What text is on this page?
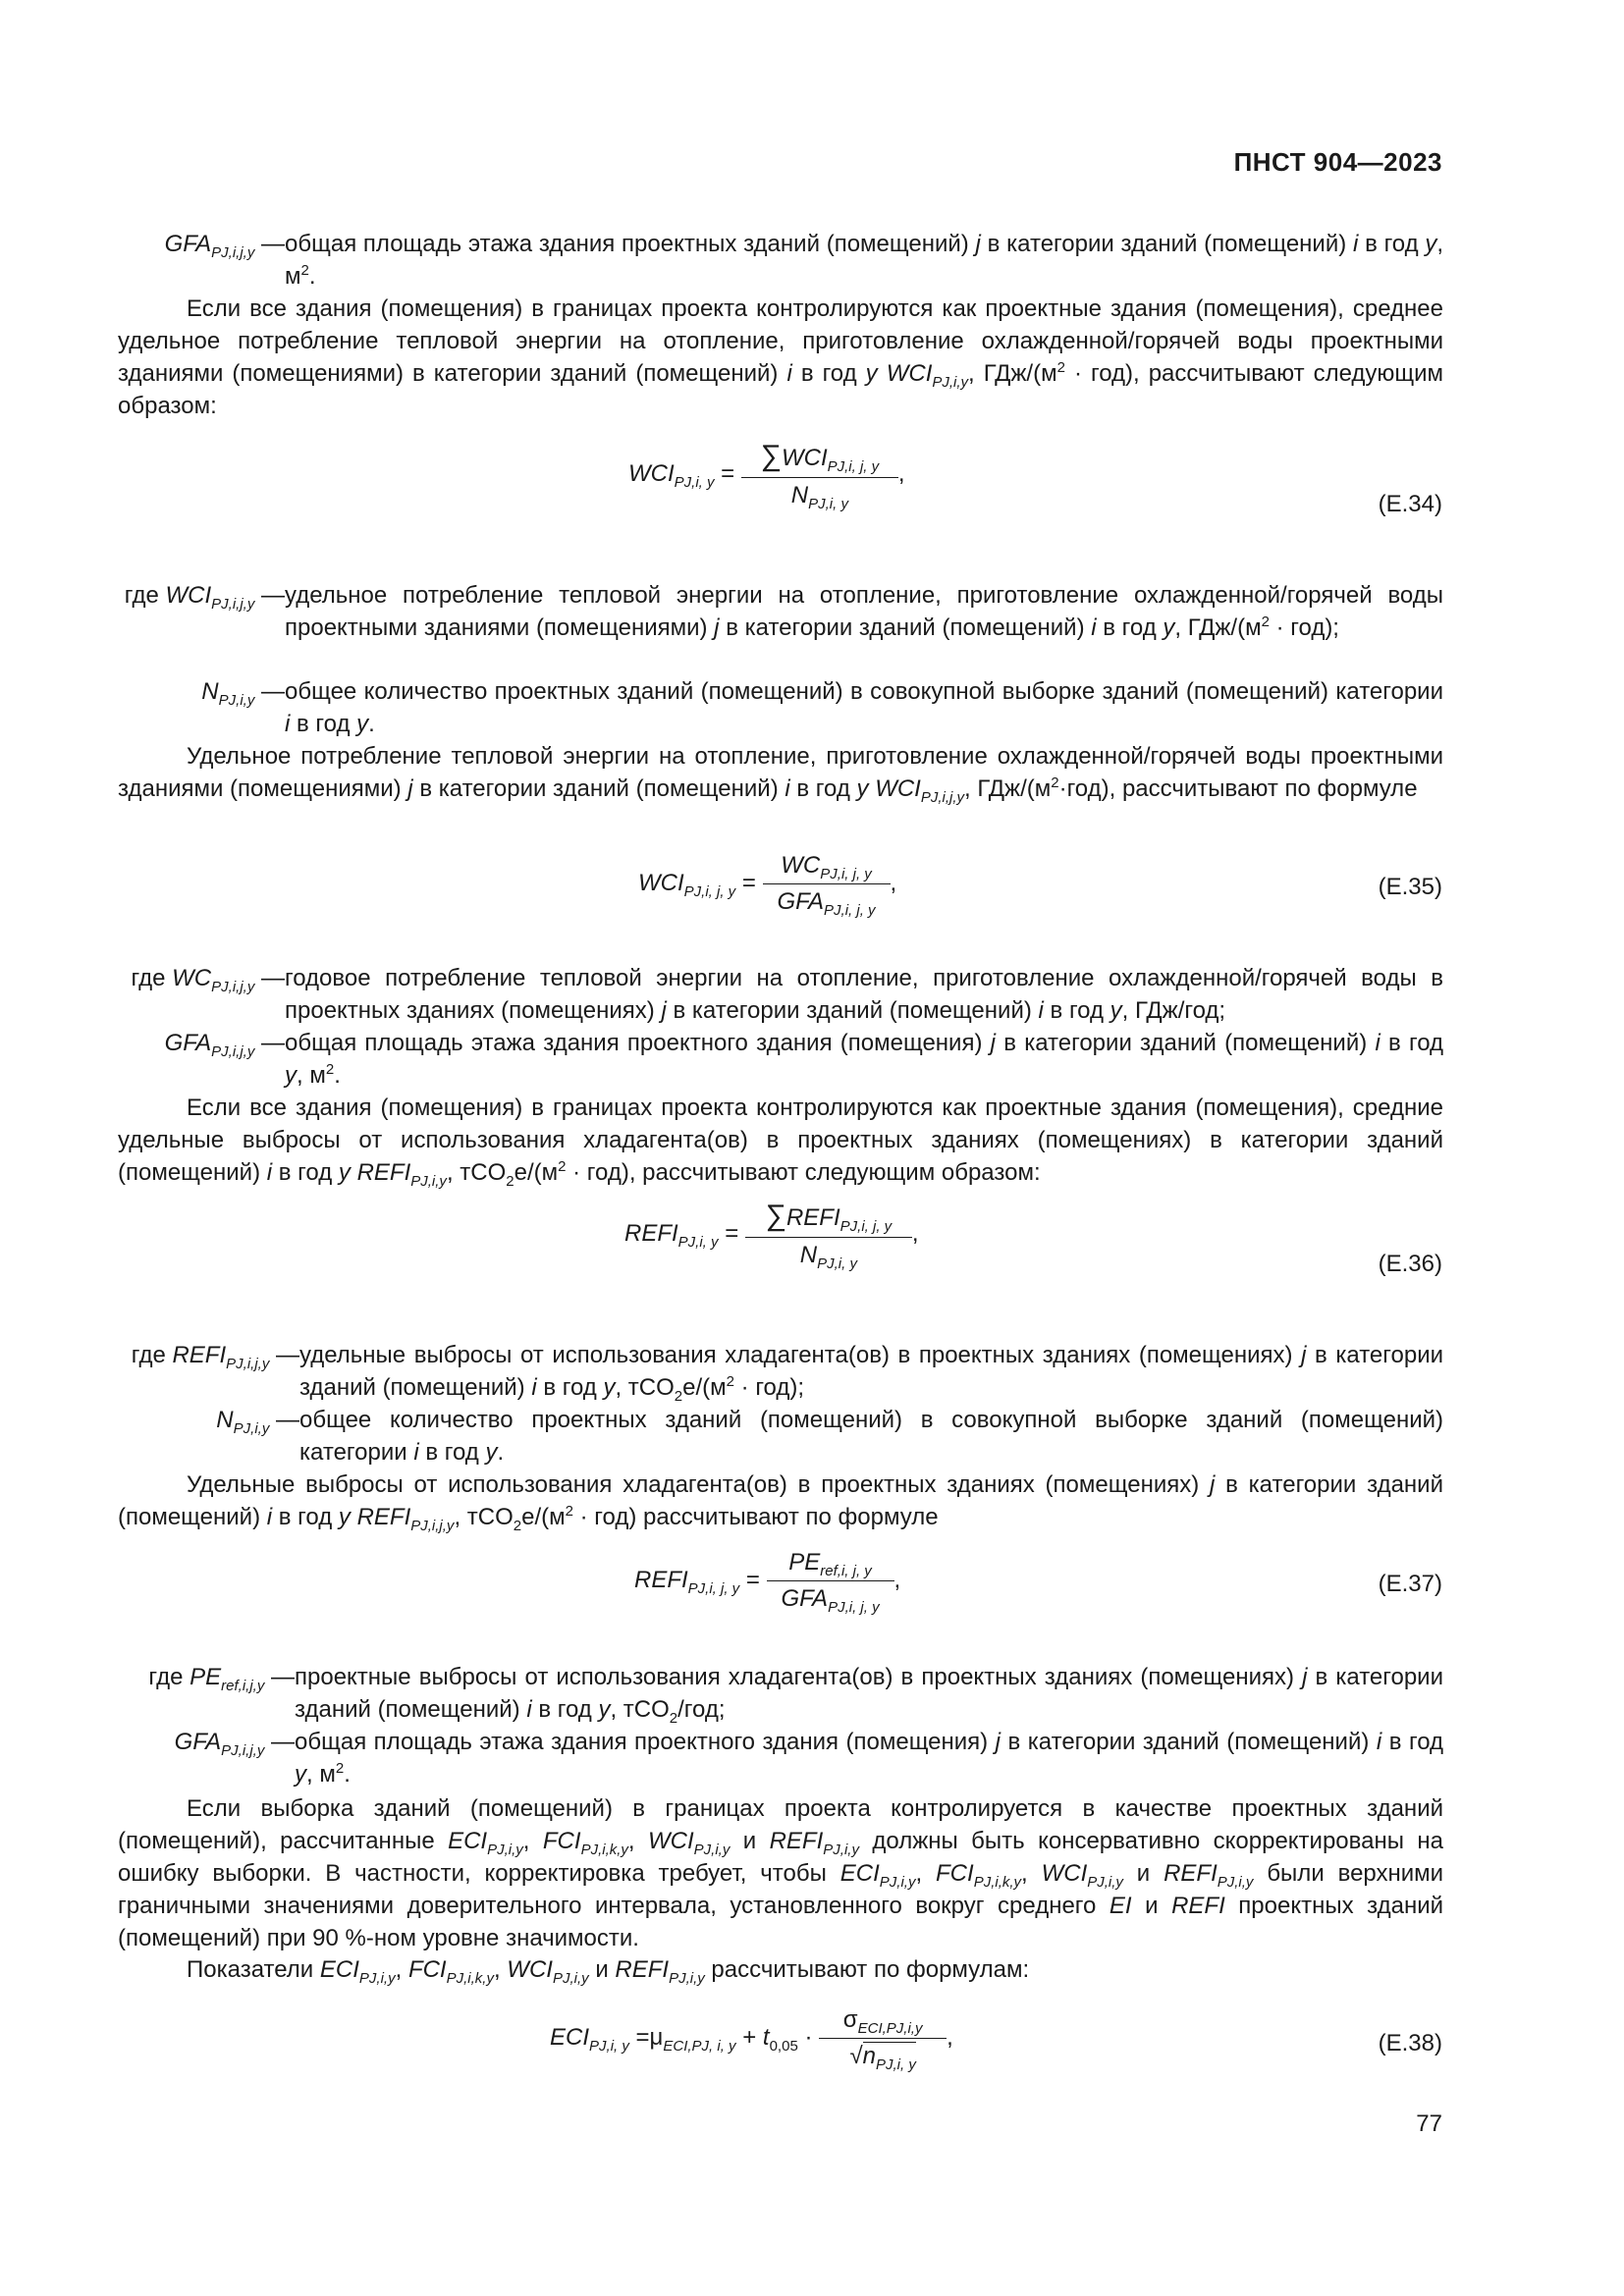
ПНСТ 904—2023
$GFA_{PJ,i,j,y}$ — общая площадь этажа здания проектных зданий (помещений) j в категории зданий (помещений) i в год y, $м^2$.
Если все здания (помещения) в границах проекта контролируются как проектные здания (помещения), среднее удельное потребление тепловой энергии на отопление, приготовление охлажденной/горячей воды проектными зданиями (помещениями) в категории зданий (помещений) i в год y $WCI_{PJ,i,y}$, ГДж/$(м^2 \cdot год)$, рассчитывают следующим образом:
$WCI_{PJ,i, y} = \frac{\sum WCI_{PJ,i, j, y}}{N_{PJ,i, y}}$ ,
(Е.34)
где $WCI_{PJ,i,j,y}$ — удельное потребление тепловой энергии на отопление, приготовление охлажденной/горячей воды проектными зданиями (помещениями) j в категории зданий (помещений) i в год y, ГДж/$(м^2 \cdot год)$;
$N_{PJ,i,y}$ — общее количество проектных зданий (помещений) в совокупной выборке зданий (помещений) категории i в год y.
Удельное потребление тепловой энергии на отопление, приготовление охлажденной/горячей воды проектными зданиями (помещениями) j в категории зданий (помещений) i в год y $WCI_{PJ,i,j,y}$, ГДж/$(м^2\cdot год)$, рассчитывают по формуле
$WCI_{PJ,i, j, y} = \frac{WC_{PJ,i, j, y}}{GFA_{PJ,i, j, y}}$ ,	(Е.35)
где $WC_{PJ,i,j,y}$ — годовое потребление тепловой энергии на отопление, приготовление охлажденной/горячей воды в проектных зданиях (помещениях) j в категории зданий (помещений) i в год y, ГДж/год;
$GFA_{PJ,i,j,y}$ — общая площадь этажа здания проектного здания (помещения) j в категории зданий (помещений) i в год y, $м^2$.
Если все здания (помещения) в границах проекта контролируются как проектные здания (помещения), средние удельные выбросы от использования хладагента(ов) в проектных зданиях (помещениях) в категории зданий (помещений) i в год y $REFI_{PJ,i,y}$, $тCO_2e/(м^2 \cdot год)$, рассчитывают следующим образом:
$REFI_{PJ,i, y} = \frac{\sum REFI_{PJ,i, j, y}}{N_{PJ,i, y}}$ ,
(Е.36)
где $REFI_{PJ,i,j,y}$ — удельные выбросы от использования хладагента(ов) в проектных зданиях (помещениях) j в категории зданий (помещений) i в год y, $тCO_2e/(м^2 \cdot год)$;
$N_{PJ,i,y}$ — общее количество проектных зданий (помещений) в совокупной выборке зданий (помещений) категории i в год y.
Удельные выбросы от использования хладагента(ов) в проектных зданиях (помещениях) j в категории зданий (помещений) i в год y $REFI_{PJ,i,j,y}$, $тCO_2e/(м^2 \cdot год)$ рассчитывают по формуле
$REFI_{PJ,i, j, y} = \frac{PE_{ref,i, j, y}}{GFA_{PJ,i, j, y}}$ ,	(Е.37)
где $PE_{ref,i,j,y}$ — проектные выбросы от использования хладагента(ов) в проектных зданиях (помещениях) j в категории зданий (помещений) i в год y, тCO$_2$/год;
$GFA_{PJ,i,j,y}$ — общая площадь этажа здания проектного здания (помещения) j в категории зданий (помещений) i в год y, $м^2$.
Если выборка зданий (помещений) в границах проекта контролируется в качестве проектных зданий (помещений), рассчитанные $ECI_{PJ,i,y}$, $FCI_{PJ,i,k,y}$, $WCI_{PJ,i,y}$ и $REFI_{PJ,i,y}$ должны быть консервативно скорректированы на ошибку выборки. В частности, корректировка требует, чтобы $ECI_{PJ,i,y}$, $FCI_{PJ,i,k,y}$, $WCI_{PJ,i,y}$ и $REFI_{PJ,i,y}$ были верхними граничными значениями доверительного интервала, установленного вокруг среднего EI и REFI проектных зданий (помещений) при 90 %-ном уровне значимости.
Показатели $ECI_{PJ,i,y}$, $FCI_{PJ,i,k,y}$, $WCI_{PJ,i,y}$ и $REFI_{PJ,i,y}$ рассчитывают по формулам:
$ECI_{PJ,i, y} =\mu_{ECI,PJ, i, y} + t_{0,05} \cdot \frac{\sigma_{ECI,PJ,i,y}}{√n_{PJ,i, y}}$ ,	(Е.38)
77
